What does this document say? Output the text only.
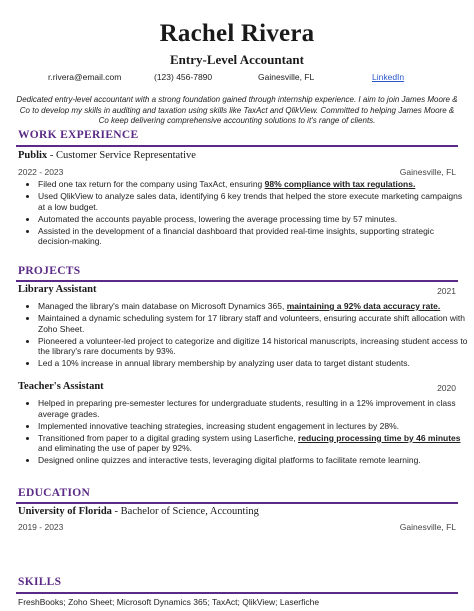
Rachel Rivera
Entry-Level Accountant
r.rivera@email.com	(123) 456-7890	Gainesville, FL	LinkedIn
Dedicated entry-level accountant with a strong foundation gained through internship experience. I aim to join James Moore & Co to develop my skills in auditing and taxation using skills like TaxAct and QlikView. Committed to helping James Moore & Co keep delivering comprehensive accounting solutions to it's range of clients.
WORK EXPERIENCE
Publix - Customer Service Representative
2022 - 2023	Gainesville, FL
• Filed one tax return for the company using TaxAct, ensuring 98% compliance with tax regulations.
• Used QlikView to analyze sales data, identifying 6 key trends that helped the store execute marketing campaigns at a low budget.
• Automated the accounts payable process, lowering the average processing time by 57 minutes.
• Assisted in the development of a financial dashboard that provided real-time insights, supporting strategic decision-making.
PROJECTS
Library Assistant	2021
• Managed the library's main database on Microsoft Dynamics 365, maintaining a 92% data accuracy rate.
• Maintained a dynamic scheduling system for 17 library staff and volunteers, ensuring accurate shift allocation with Zoho Sheet.
• Pioneered a volunteer-led project to categorize and digitize 14 historical manuscripts, increasing student access to the library's rare documents by 93%.
• Led a 10% increase in annual library membership by analyzing user data to target distant students.
Teacher's Assistant	2020
• Helped in preparing pre-semester lectures for undergraduate students, resulting in a 12% improvement in class average grades.
• Implemented innovative teaching strategies, increasing student engagement in lectures by 28%.
• Transitioned from paper to a digital grading system using Laserfiche, reducing processing time by 46 minutes and eliminating the use of paper by 92%.
• Designed online quizzes and interactive tests, leveraging digital platforms to facilitate remote learning.
EDUCATION
University of Florida - Bachelor of Science, Accounting
2019 - 2023	Gainesville, FL
SKILLS
FreshBooks; Zoho Sheet; Microsoft Dynamics 365; TaxAct; QlikView; Laserfiche
